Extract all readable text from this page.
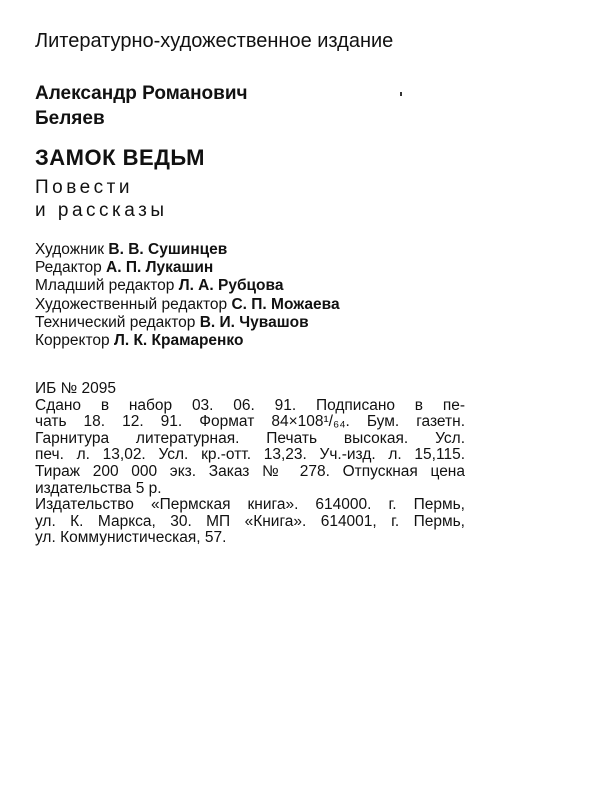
Литературно-художественное издание
Александр Романович
Беляев
ЗАМОК ВЕДЬМ
Повести
и рассказы
Художник В. В. Сушинцев
Редактор А. П. Лукашин
Младший редактор Л. А. Рубцова
Художественный редактор С. П. Можаева
Технический редактор В. И. Чувашов
Корректор Л. К. Крамаренко
ИБ № 2095
Сдано в набор 03. 06. 91. Подписано в пе-
чать 18. 12. 91. Формат 84×108¹/₆₄. Бум. газетн.
Гарнитура литературная. Печать высокая. Усл.
печ. л. 13,02. Усл. кр.-отт. 13,23. Уч.-изд. л. 15,115.
Тираж 200 000 экз. Заказ № 278. Отпускная цена
издательства 5 р.
Издательство «Пермская книга». 614000. г. Пермь,
ул. К. Маркса, 30. МП «Книга». 614001, г. Пермь,
ул. Коммунистическая, 57.
